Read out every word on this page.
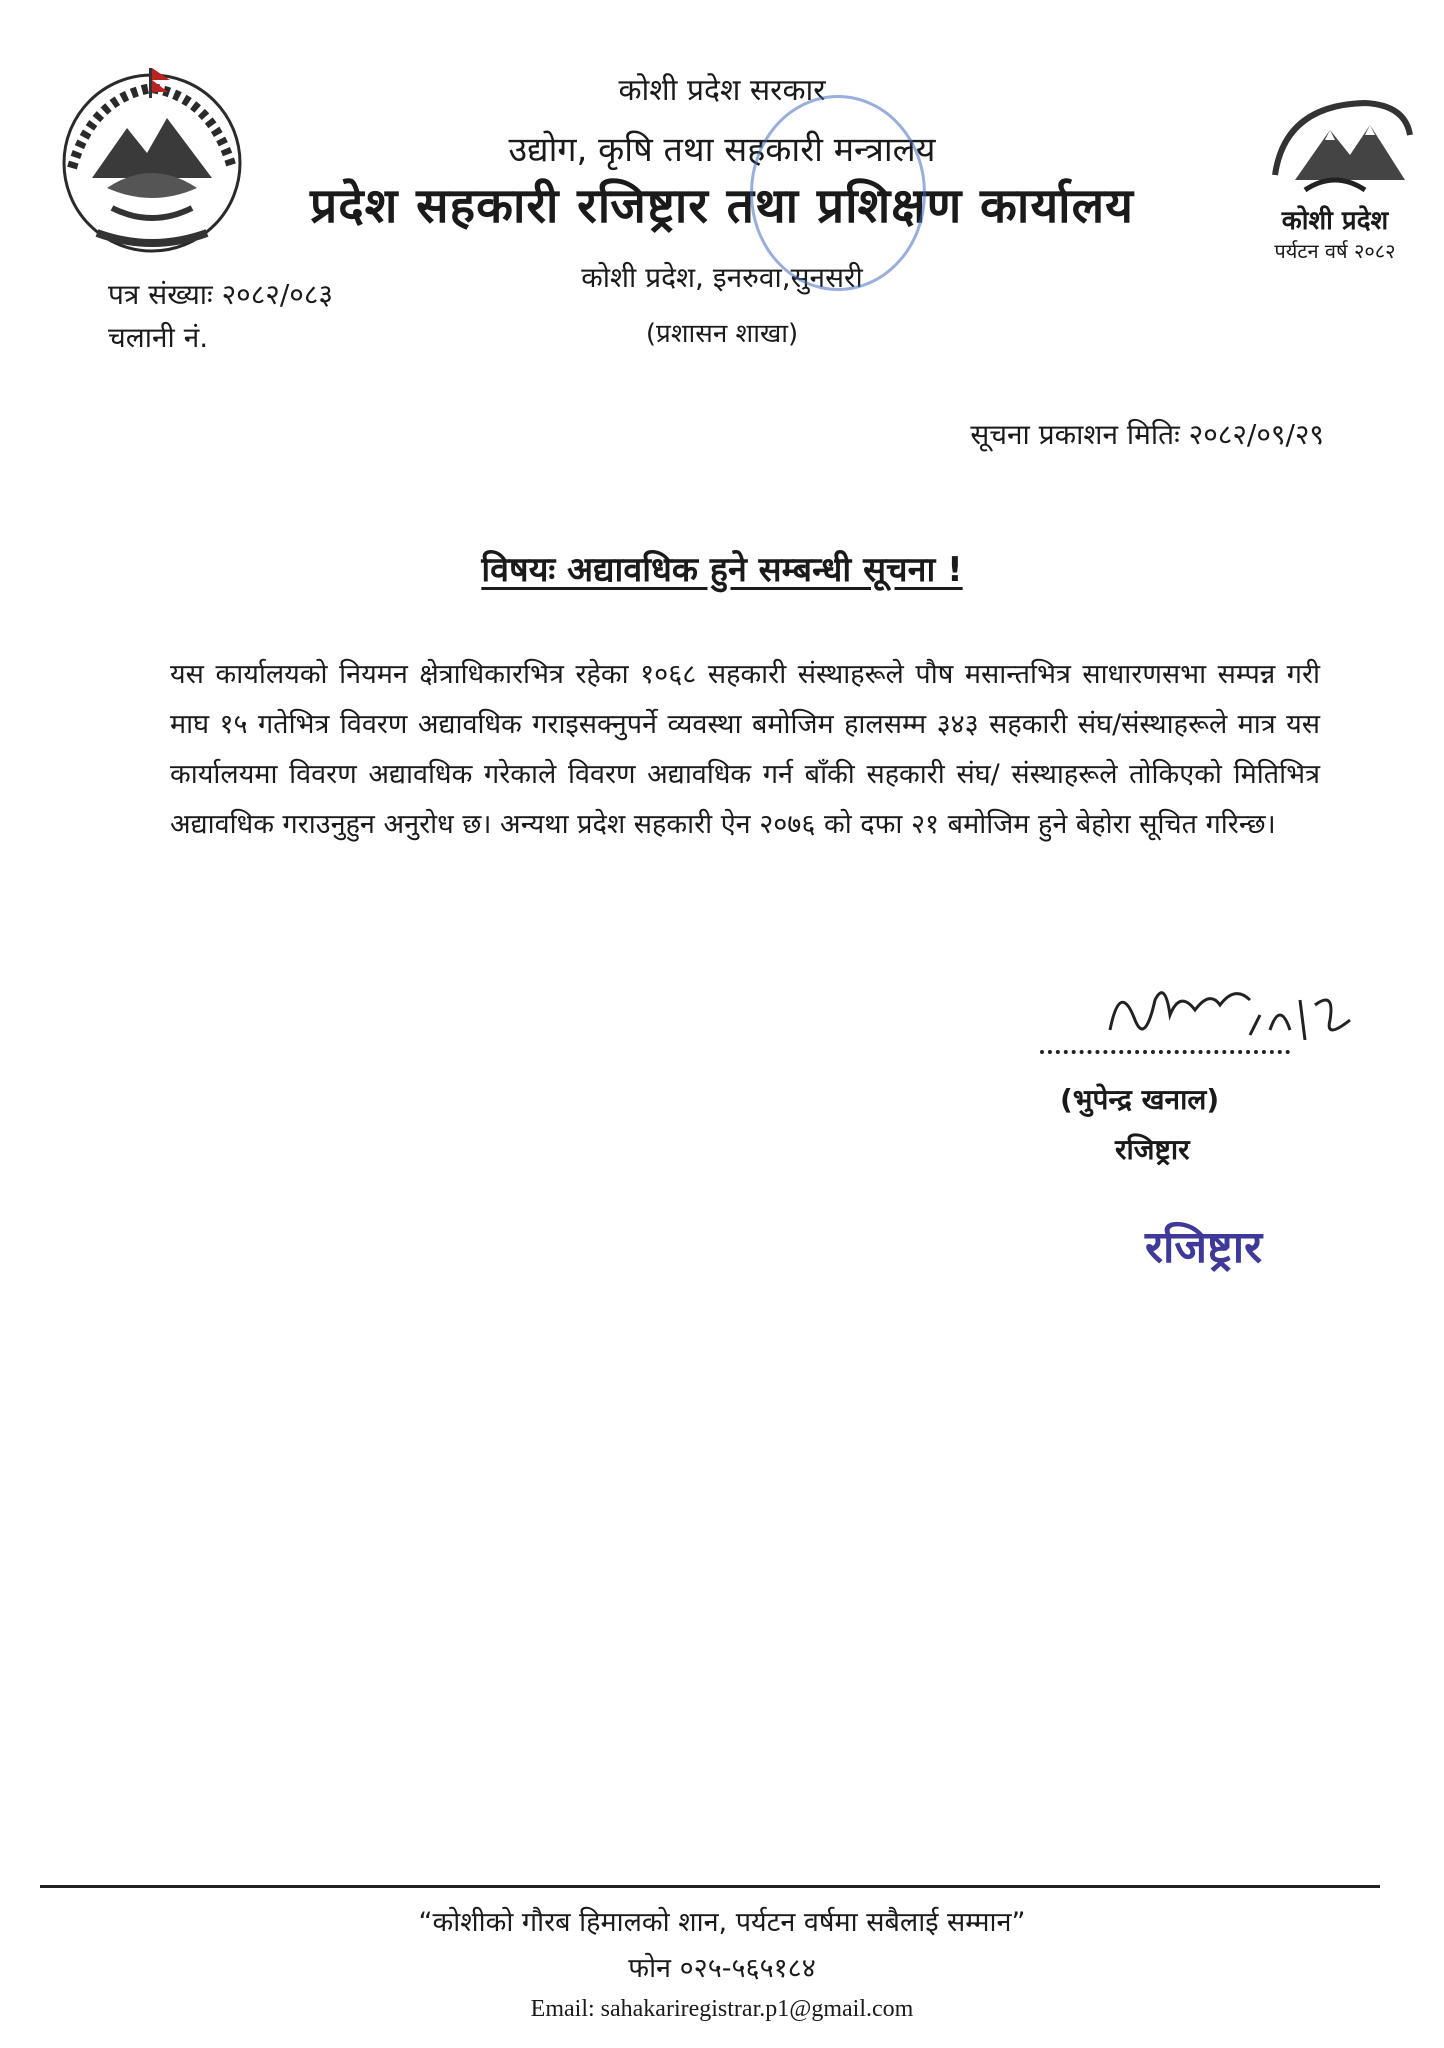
कोशी प्रदेश सरकार
उद्योग, कृषि तथा सहकारी मन्त्रालय
प्रदेश सहकारी रजिष्ट्रार तथा प्रशिक्षण कार्यालय
कोशी प्रदेश, इनरुवा,सुनसरी
(प्रशासन शाखा)
कोशी प्रदेश
पर्यटन वर्ष २०८२
पत्र संख्याः २०८२/०८३
चलानी नं.
सूचना प्रकाशन मितिः २०८२/०९/२९
विषयः अद्यावधिक हुने सम्बन्धी सूचना !
यस कार्यालयको नियमन क्षेत्राधिकारभित्र रहेका १०६८ सहकारी संस्थाहरूले पौष मसान्तभित्र साधारणसभा सम्पन्न गरी माघ १५ गतेभित्र विवरण अद्यावधिक गराइसक्नुपर्ने व्यवस्था बमोजिम हालसम्म ३४३ सहकारी संघ/संस्थाहरूले मात्र यस कार्यालयमा विवरण अद्यावधिक गरेकाले विवरण अद्यावधिक गर्न बाँकी सहकारी संघ/ संस्थाहरूले तोकिएको मितिभित्र अद्यावधिक गराउनुहुन अनुरोध छ। अन्यथा प्रदेश सहकारी ऐन २०७६ को दफा २१ बमोजिम हुने बेहोरा सूचित गरिन्छ।
(भुपेन्द्र खनाल)
रजिष्ट्रार
रजिष्ट्रार
“कोशीको गौरब हिमालको शान, पर्यटन वर्षमा सबैलाई सम्मान”
फोन ०२५-५६५१८४
Email: sahakariregistrar.p1@gmail.com
